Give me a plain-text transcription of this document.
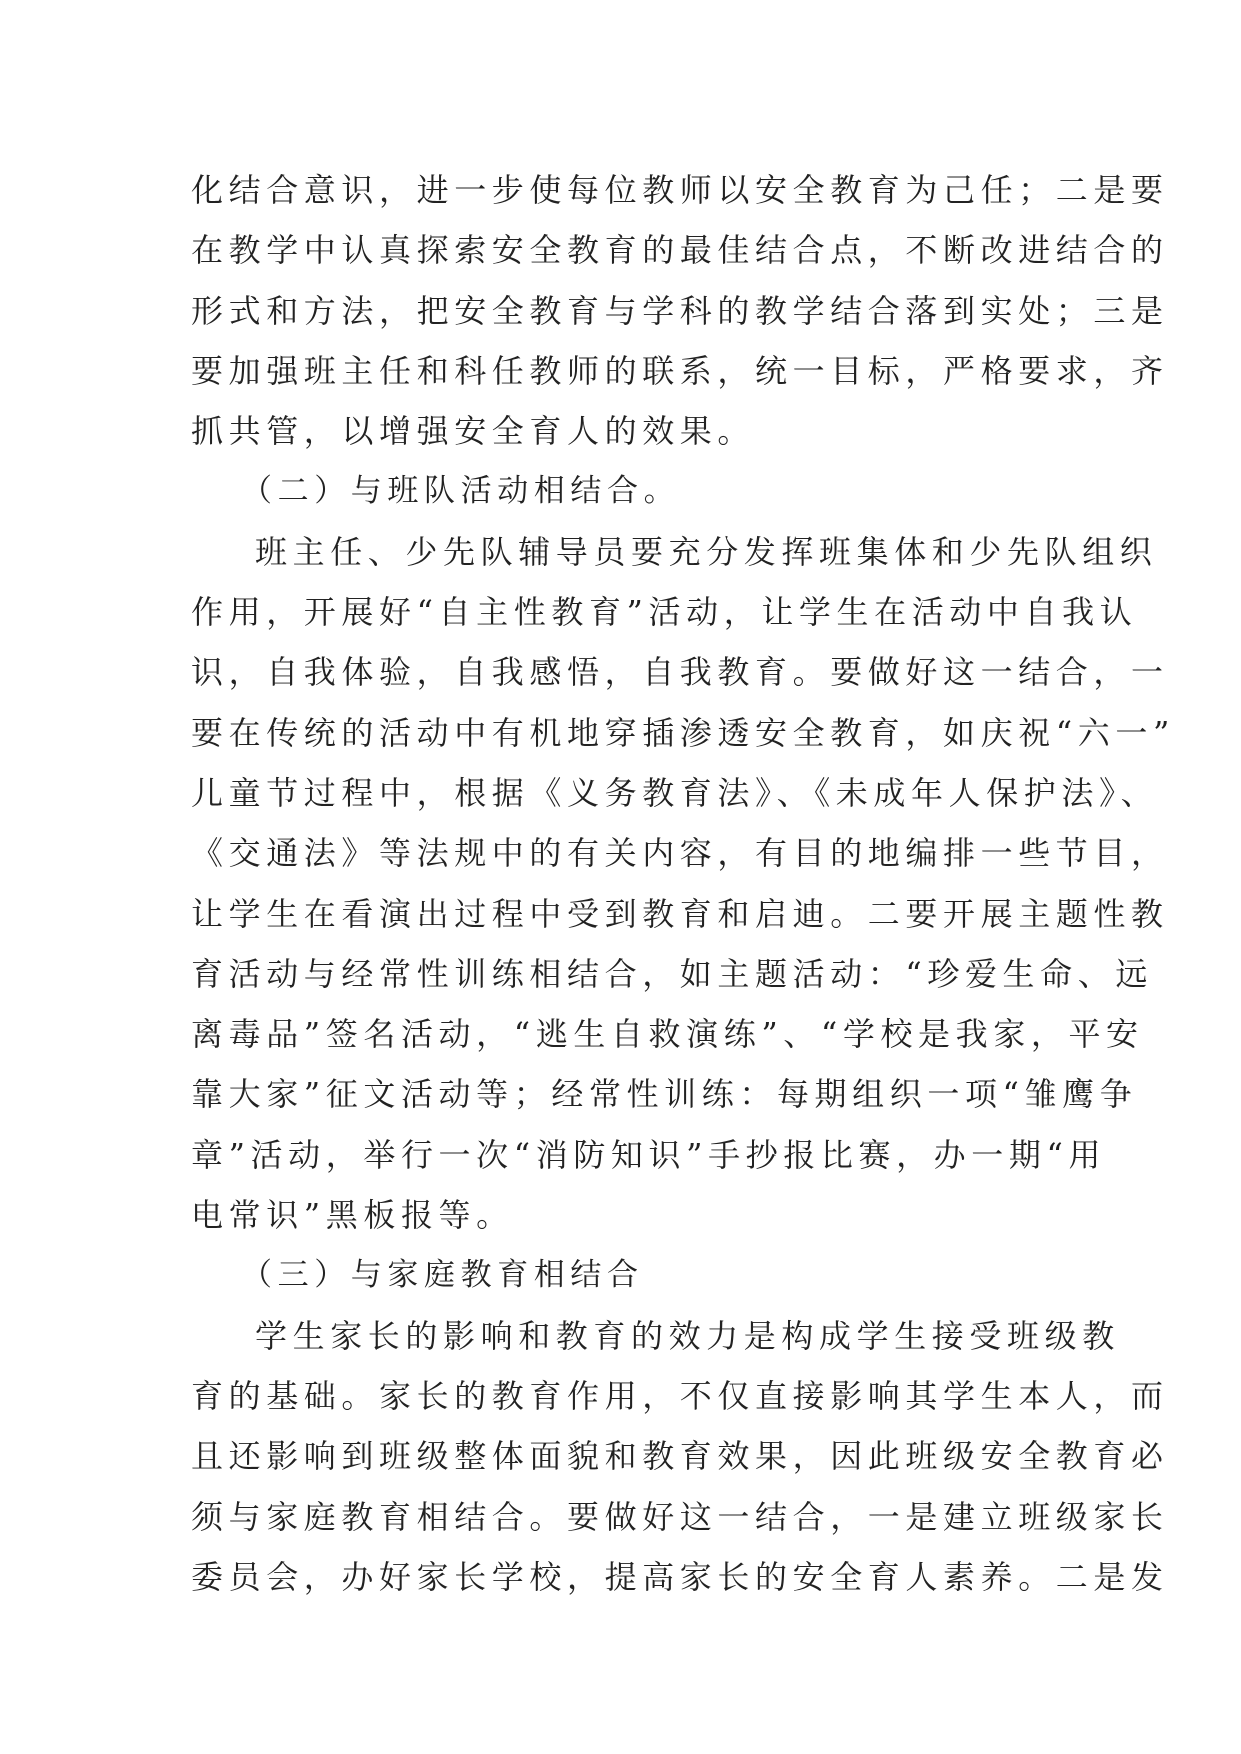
化结合意识，进一步使每位教师以安全教育为己任；二是要
在教学中认真探索安全教育的最佳结合点，不断改进结合的
形式和方法，把安全教育与学科的教学结合落到实处；三是
要加强班主任和科任教师的联系，统一目标，严格要求，齐
抓共管，以增强安全育人的效果。
（二）与班队活动相结合。
班主任、少先队辅导员要充分发挥班集体和少先队组织
作用，开展好“自主性教育”活动，让学生在活动中自我认
识，自我体验，自我感悟，自我教育。要做好这一结合，一
要在传统的活动中有机地穿插渗透安全教育，如庆祝“六一”
儿童节过程中，根据《义务教育法》、《未成年人保护法》、
《交通法》等法规中的有关内容，有目的地编排一些节目，
让学生在看演出过程中受到教育和启迪。二要开展主题性教
育活动与经常性训练相结合，如主题活动：“珍爱生命、远
离毒品”签名活动，“逃生自救演练”、“学校是我家，平安
靠大家”征文活动等；经常性训练：每期组织一项“雏鹰争
章”活动，举行一次“消防知识”手抄报比赛，办一期“用
电常识”黑板报等。
（三）与家庭教育相结合
学生家长的影响和教育的效力是构成学生接受班级教
育的基础。家长的教育作用，不仅直接影响其学生本人，而
且还影响到班级整体面貌和教育效果，因此班级安全教育必
须与家庭教育相结合。要做好这一结合，一是建立班级家长
委员会，办好家长学校，提高家长的安全育人素养。二是发
